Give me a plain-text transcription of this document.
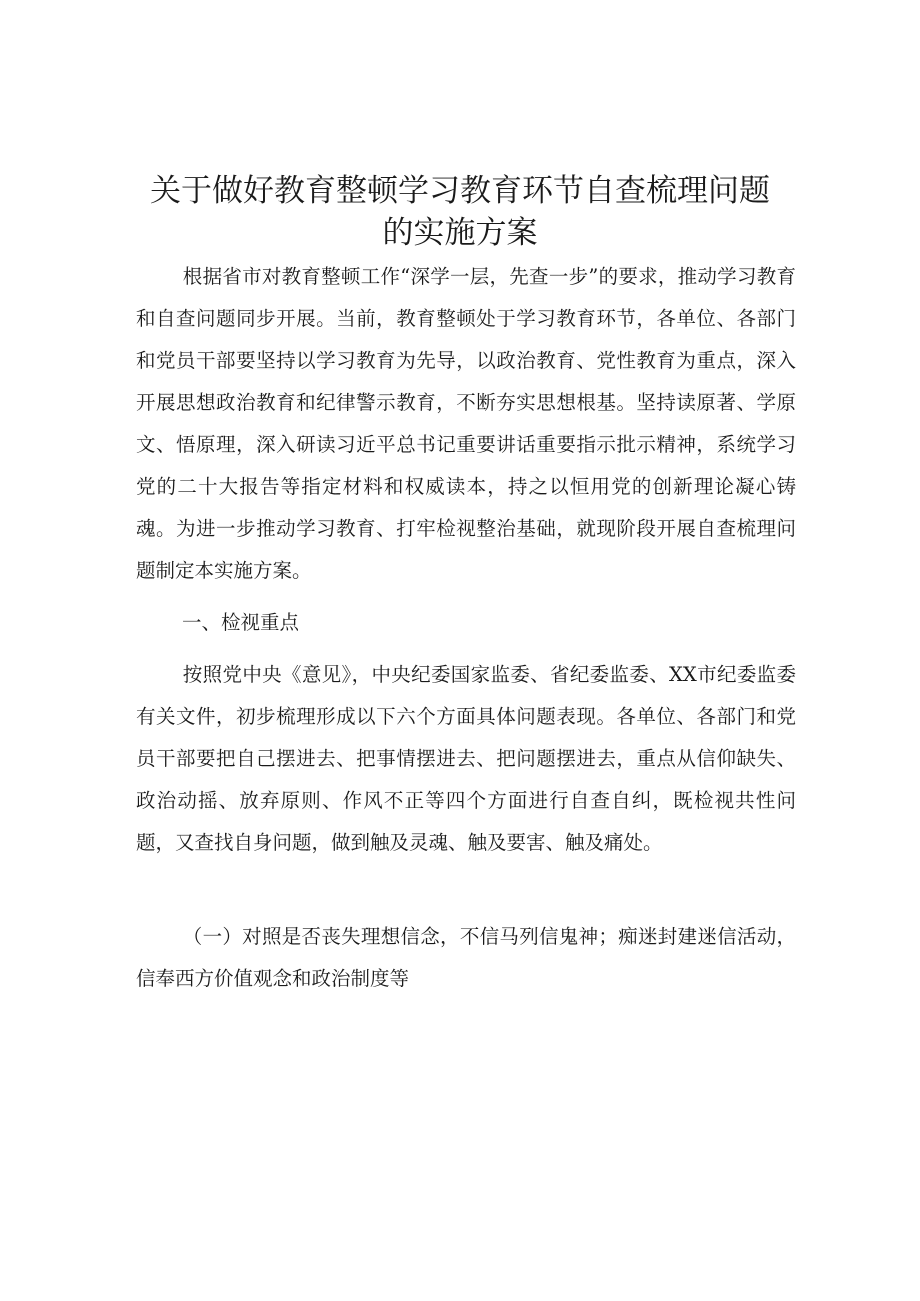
关于做好教育整顿学习教育环节自查梳理问题
的实施方案

根据省市对教育整顿工作“深学一层，先查一步”的要求，推动学习教育和自查问题同步开展。当前，教育整顿处于学习教育环节，各单位、各部门和党员干部要坚持以学习教育为先导，以政治教育、党性教育为重点，深入开展思想政治教育和纪律警示教育，不断夯实思想根基。坚持读原著、学原文、悟原理，深入研读习近平总书记重要讲话重要指示批示精神，系统学习党的二十大报告等指定材料和权威读本，持之以恒用党的创新理论凝心铸魂。为进一步推动学习教育、打牢检视整治基础，就现阶段开展自查梳理问题制定本实施方案。

一、检视重点

按照党中央《意见》，中央纪委国家监委、省纪委监委、XX市纪委监委有关文件，初步梳理形成以下六个方面具体问题表现。各单位、各部门和党员干部要把自己摆进去、把事情摆进去、把问题摆进去，重点从信仰缺失、政治动摇、放弃原则、作风不正等四个方面进行自查自纠，既检视共性问题，又查找自身问题，做到触及灵魂、触及要害、触及痛处。

（一）对照是否丧失理想信念，不信马列信鬼神；痴迷封建迷信活动，信奉西方价值观念和政治制度等
